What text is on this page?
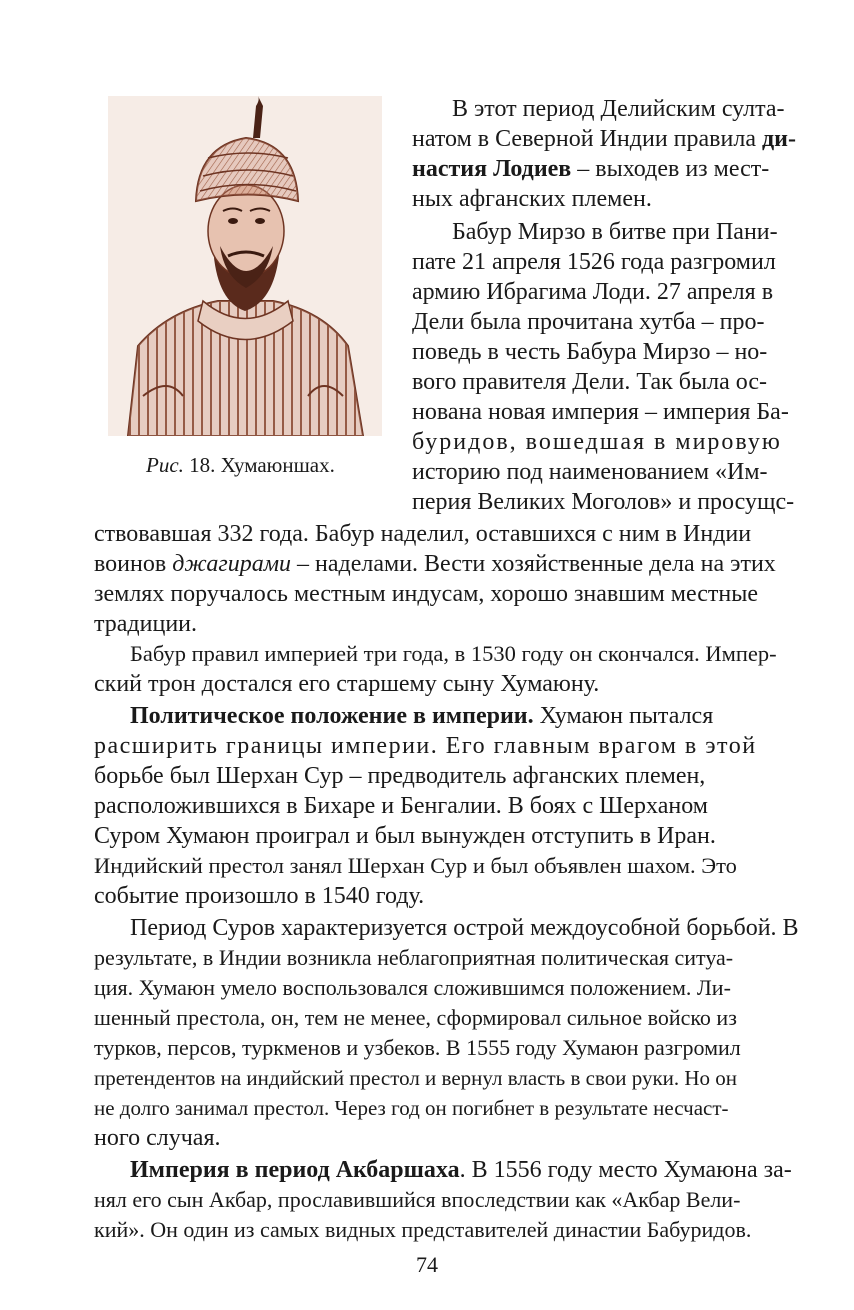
Рис. 18. Хумаюншах.
В этот период Делийским султа-
натом в Северной Индии правила ди-
настия Лодиев – выходев из мест-
ных афганских племен.
Бабур Мирзо в битве при Пани-
пате 21 апреля 1526 года разгромил
армию Ибрагима Лоди. 27 апреля в
Дели была прочитана хутба – про-
поведь в честь Бабура Мирзо – но-
вого правителя Дели. Так была ос-
нована новая империя – империя Ба-
буридов, вошедшая в мировую
историю под наименованием «Им-
перия Великих Моголов» и просущс-
ствовавшая 332 года. Бабур наделил, оставшихся с ним в Индии
воинов джагирами – наделами. Вести хозяйственные дела на этих
землях поручалось местным индусам, хорошо знавшим местные
традиции.
Бабур правил империей три года, в 1530 году он скончался. Импер-
ский трон достался его старшему сыну Хумаюну.
Политическое положение в империи. Хумаюн пытался
расширить границы империи. Его главным врагом в этой
борьбе был Шерхан Сур – предводитель афганских племен,
расположившихся в Бихаре и Бенгалии. В боях с Шерханом
Суром Хумаюн проиграл и был вынужден отступить в Иран.
Индийский престол занял Шерхан Сур и был объявлен шахом. Это
событие произошло в 1540 году.
Период Суров характеризуется острой междоусобной борьбой. В
результате, в Индии возникла неблагоприятная политическая ситуа-
ция. Хумаюн умело воспользовался сложившимся положением. Ли-
шенный престола, он, тем не менее, сформировал сильное войско из
турков, персов, туркменов и узбеков. В 1555 году Хумаюн разгромил
претендентов на индийский престол и вернул власть в свои руки. Но он
не долго занимал престол. Через год он погибнет в результате несчаст-
ного случая.
Империя в период Акбаршаха. В 1556 году место Хумаюна за-
нял его сын Акбар, прославившийся впоследствии как «Акбар Вели-
кий». Он один из самых видных представителей династии Бабуридов.
74
